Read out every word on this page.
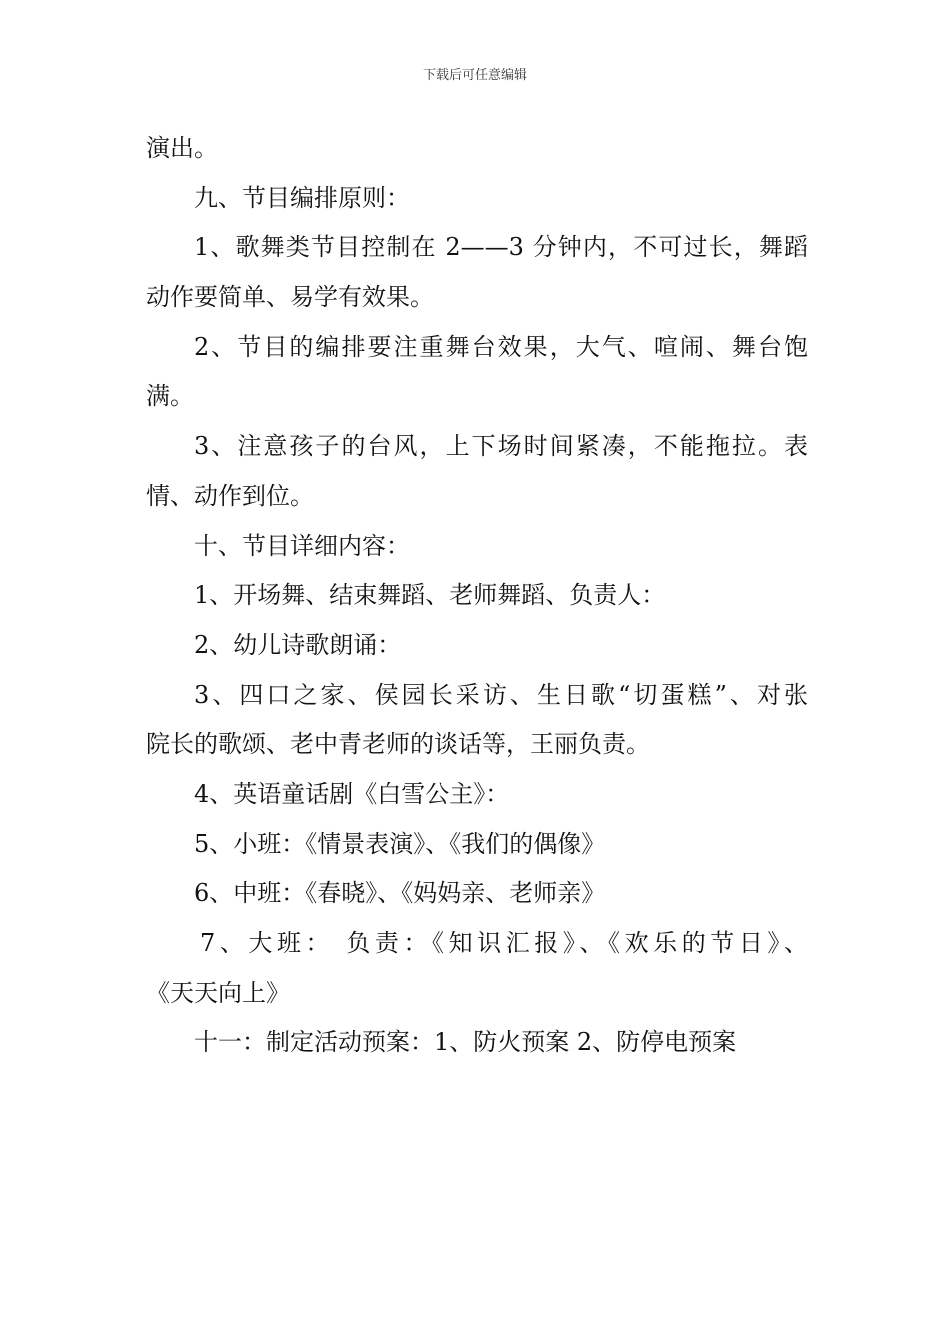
下载后可任意编辑
演出。
九、节目编排原则：
1、歌舞类节目控制在 2——3 分钟内，不可过长，舞蹈
动作要简单、易学有效果。
2、节目的编排要注重舞台效果，大气、喧闹、舞台饱
满。
3、注意孩子的台风，上下场时间紧凑，不能拖拉。表
情、动作到位。
十、节目详细内容：
1、开场舞、结束舞蹈、老师舞蹈、负责人：
2、幼儿诗歌朗诵：
3、四口之家、侯园长采访、生日歌“切蛋糕”、对张
院长的歌颂、老中青老师的谈话等，王丽负责。
4、英语童话剧《白雪公主》：
5、小班：《情景表演》、《我们的偶像》
6、中班：《春晓》、《妈妈亲、老师亲》
7、大班： 负责：《知识汇报》、《欢乐的节日》、
《天天向上》
十一：制定活动预案：1、防火预案 2、防停电预案
